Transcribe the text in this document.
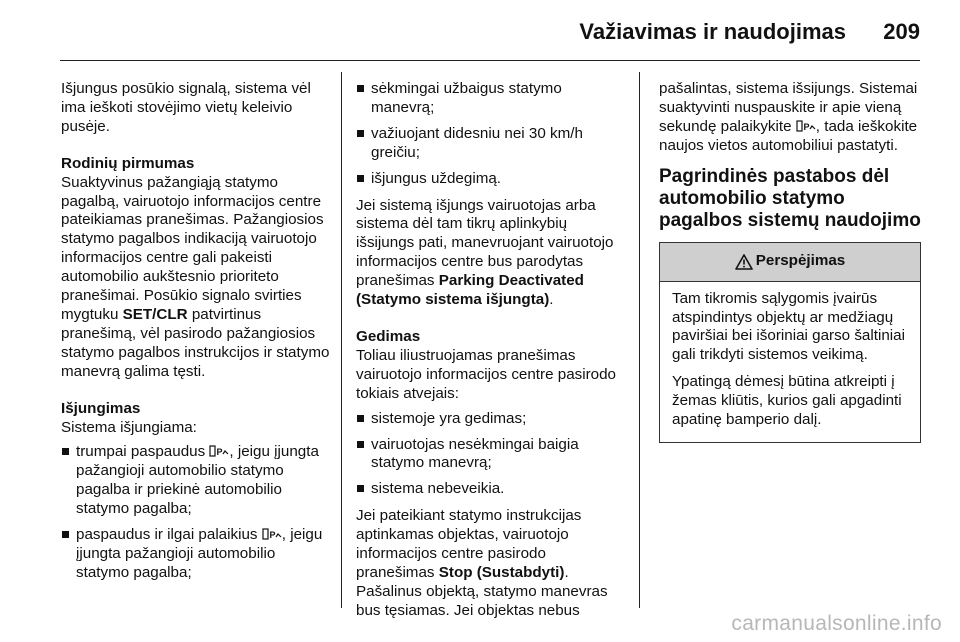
Važiavimas ir naudojimas 209

Išjungus posūkio signalą, sistema vėl ima ieškoti stovėjimo vietų keleivio pusėje.

Rodinių pirmumas

Suaktyvinus pažangiąją statymo pagalbą, vairuotojo informacijos centre pateikiamas pranešimas. Pažangiosios statymo pagalbos indikaciją vairuotojo informacijos centre gali pakeisti automobilio aukštesnio prioriteto pranešimai. Posūkio signalo svirties mygtuku SET/CLR patvirtinus pranešimą, vėl pasirodo pažangiosios statymo pagalbos instrukcijos ir statymo manevrą galima tęsti.

Išjungimas

Sistema išjungiama:

trumpai paspaudus P , jeigu įjungta pažangioji automobilio statymo pagalba ir priekinė automobilio statymo pagalba;
paspaudus ir ilgai palaikius P , jeigu įjungta pažangioji automobilio statymo pagalba;
sėkmingai užbaigus statymo manevrą;
važiuojant didesniu nei 30 km/h greičiu;
išjungus uždegimą.

Jei sistemą išjungs vairuotojas arba sistema dėl tam tikrų aplinkybių išsijungs pati, manevruojant vairuotojo informacijos centre bus parodytas pranešimas Parking Deactivated (Statymo sistema išjungta).

Gedimas

Toliau iliustruojamas pranešimas vairuotojo informacijos centre pasirodo tokiais atvejais:

sistemoje yra gedimas;
vairuotojas nesėkmingai baigia statymo manevrą;
sistema nebeveikia.

Jei pateikiant statymo instrukcijas aptinkamas objektas, vairuotojo informacijos centre pasirodo pranešimas Stop (Sustabdyti). Pašalinus objektą, statymo manevras bus tęsiamas. Jei objektas nebus

pašalintas, sistema išsijungs. Sistemai suaktyvinti nuspauskite ir apie vieną sekundę palaikykite P , tada ieškokite naujos vietos automobiliui pastatyti.

Pagrindinės pastabos dėl automobilio statymo pagalbos sistemų naudojimo
Perspėjimas

Tam tikromis sąlygomis įvairūs atspindintys objektų ar medžiagų paviršiai bei išoriniai garso šaltiniai gali trikdyti sistemos veikimą.

Ypatingą dėmesį būtina atkreipti į žemas kliūtis, kurios gali apgadinti apatinę bamperio dalį.

carmanualsonline.info
